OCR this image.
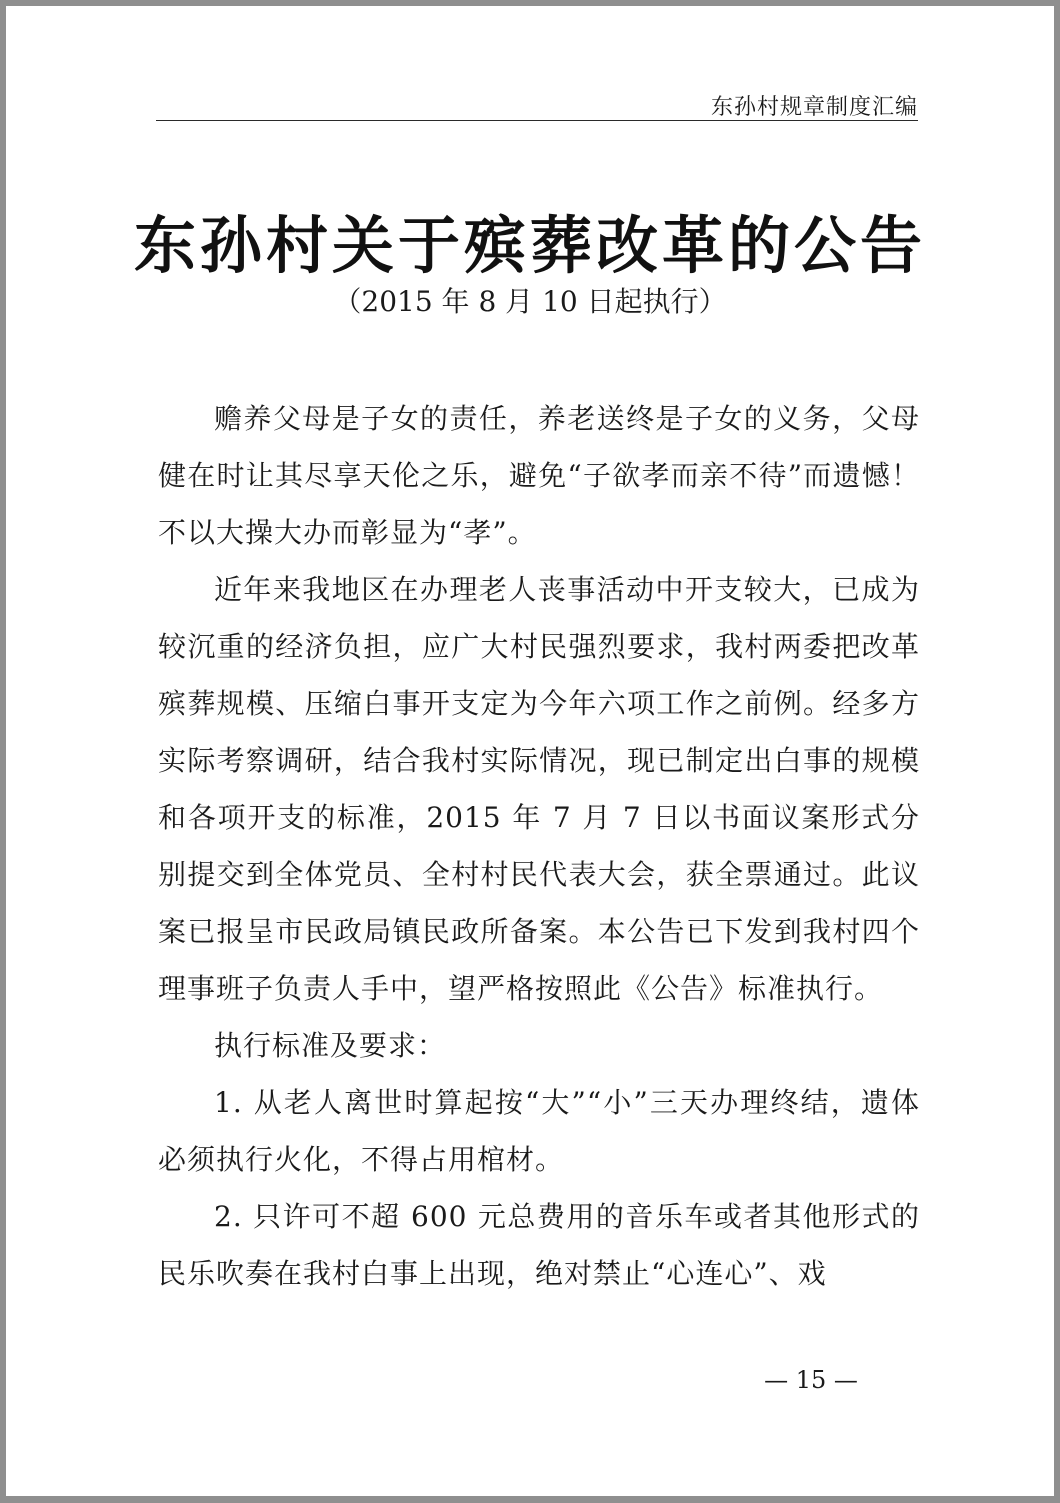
东孙村规章制度汇编
东孙村关于殡葬改革的公告
（2015 年 8 月 10 日起执行）

赡养父母是子女的责任，养老送终是子女的义务，父母健在时让其尽享天伦之乐，避免“子欲孝而亲不待”而遗憾！不以大操大办而彰显为“孝”。

近年来我地区在办理老人丧事活动中开支较大，已成为较沉重的经济负担，应广大村民强烈要求，我村两委把改革殡葬规模、压缩白事开支定为今年六项工作之前例。经多方实际考察调研，结合我村实际情况，现已制定出白事的规模和各项开支的标准，2015 年 7 月 7 日以书面议案形式分别提交到全体党员、全村村民代表大会，获全票通过。此议案已报呈市民政局镇民政所备案。本公告已下发到我村四个理事班子负责人手中，望严格按照此《公告》标准执行。

执行标准及要求：

1. 从老人离世时算起按“大”“小”三天办理终结，遗体必须执行火化，不得占用棺材。

2. 只许可不超 600 元总费用的音乐车或者其他形式的民乐吹奏在我村白事上出现，绝对禁止“心连心”、戏

— 15 —
